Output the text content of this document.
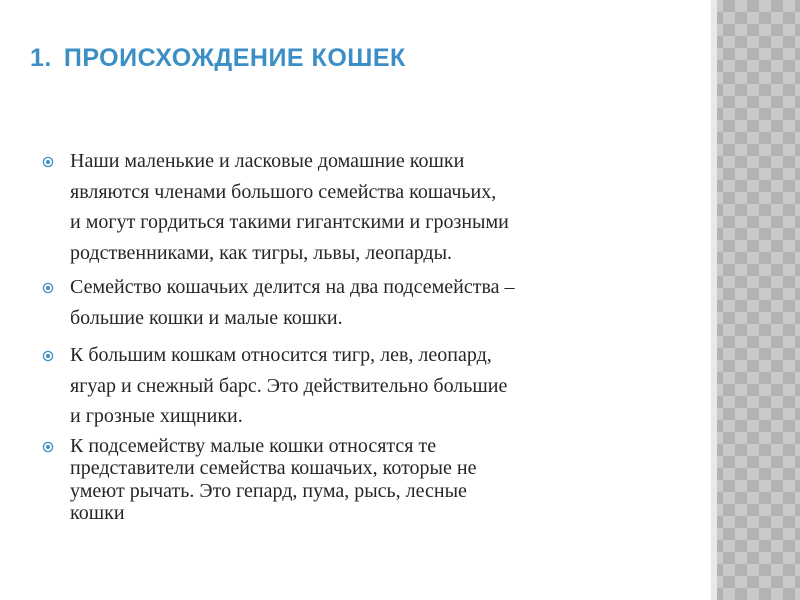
1. ПРОИСХОЖДЕНИЕ КОШЕК
Наши маленькие и ласковые домашние кошки
являются членами большого семейства кошачьих,
и могут гордиться такими гигантскими и грозными
родственниками, как тигры, львы, леопарды.
Семейство кошачьих делится на два подсемейства –
большие кошки и малые кошки.
К большим кошкам относится тигр, лев, леопард,
ягуар и снежный барс. Это действительно большие
и грозные хищники.
К подсемейству малые кошки относятся те
представители семейства кошачьих, которые не
умеют рычать. Это гепард, пума, рысь, лесные
кошки
